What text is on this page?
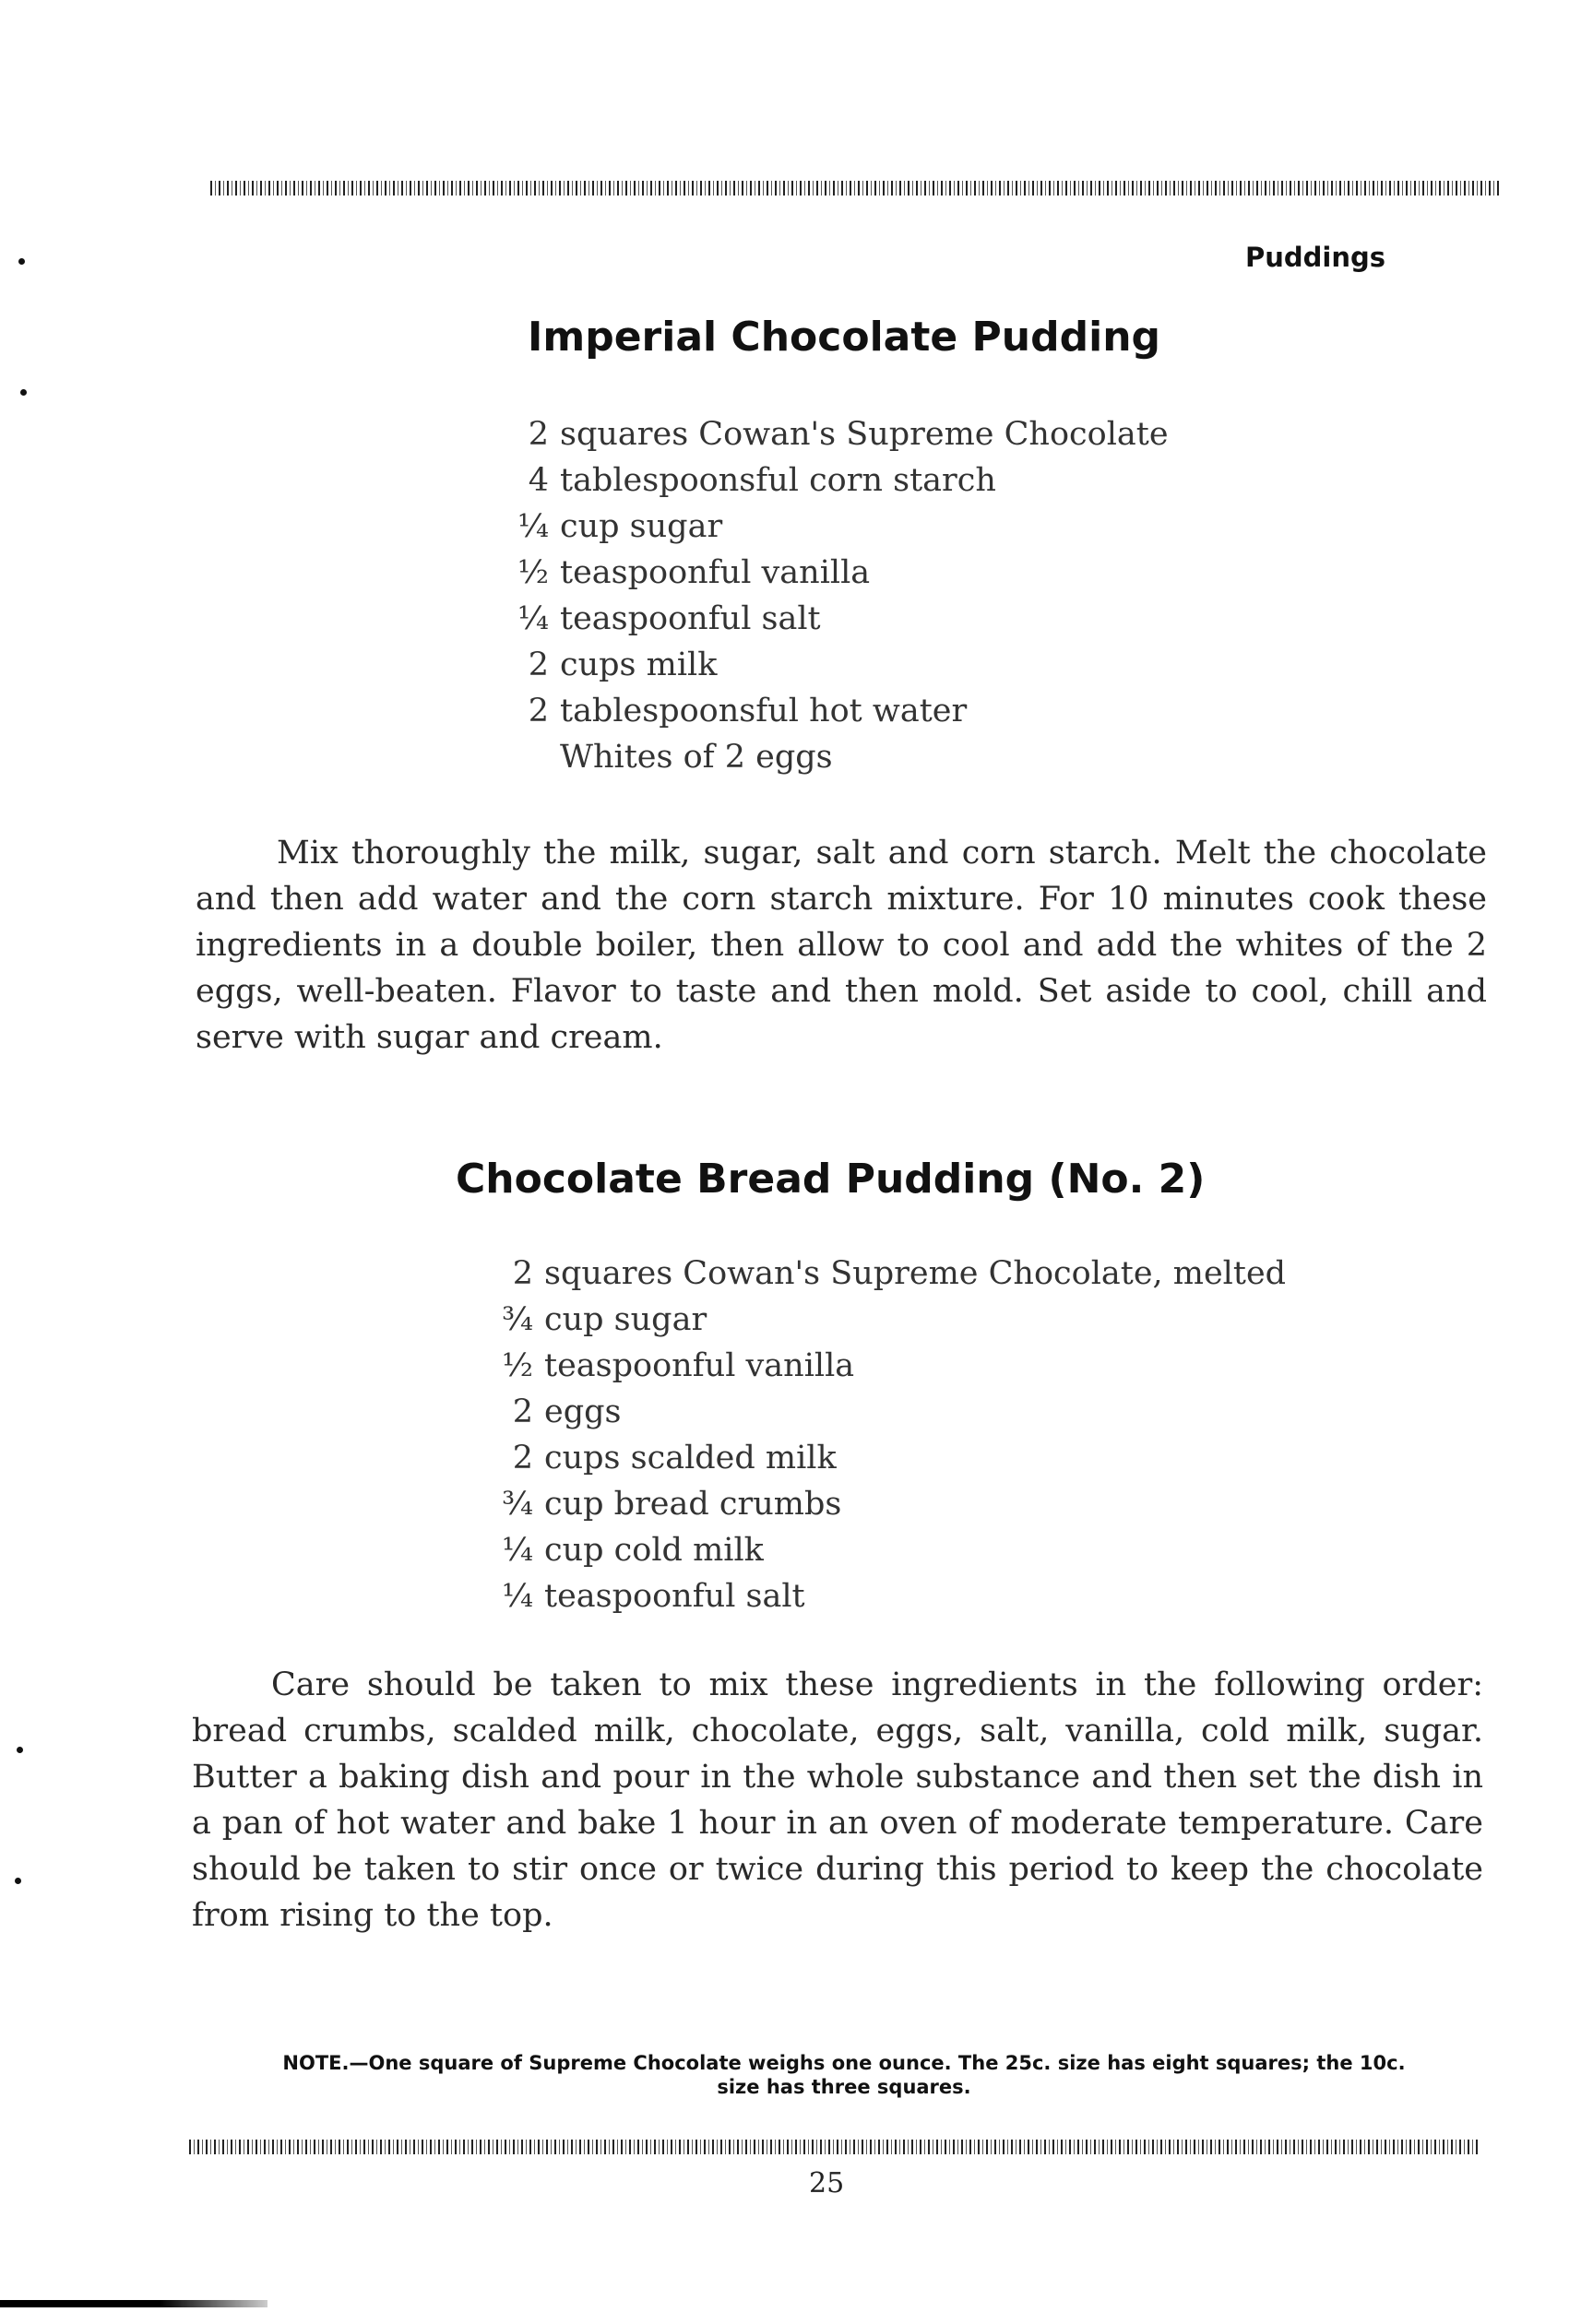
Puddings
Imperial Chocolate Pudding
2 squares Cowan's Supreme Chocolate
4 tablespoonsful corn starch
¼ cup sugar
½ teaspoonful vanilla
¼ teaspoonful salt
2 cups milk
2 tablespoonsful hot water
Whites of 2 eggs

Mix thoroughly the milk, sugar, salt and corn starch. Melt the chocolate and then add water and the corn starch mixture. For 10 minutes cook these ingredients in a double boiler, then allow to cool and add the whites of the 2 eggs, well-beaten. Flavor to taste and then mold. Set aside to cool, chill and serve with sugar and cream.

Chocolate Bread Pudding (No. 2)
2 squares Cowan's Supreme Chocolate, melted
¾ cup sugar
½ teaspoonful vanilla
2 eggs
2 cups scalded milk
¾ cup bread crumbs
¼ cup cold milk
¼ teaspoonful salt

Care should be taken to mix these ingredients in the following order: bread crumbs, scalded milk, chocolate, eggs, salt, vanilla, cold milk, sugar. Butter a baking dish and pour in the whole substance and then set the dish in a pan of hot water and bake 1 hour in an oven of moderate temperature. Care should be taken to stir once or twice during this period to keep the chocolate from rising to the top.

NOTE.—One square of Supreme Chocolate weighs one ounce. The 25c. size has eight squares; the 10c. size has three squares.

25
